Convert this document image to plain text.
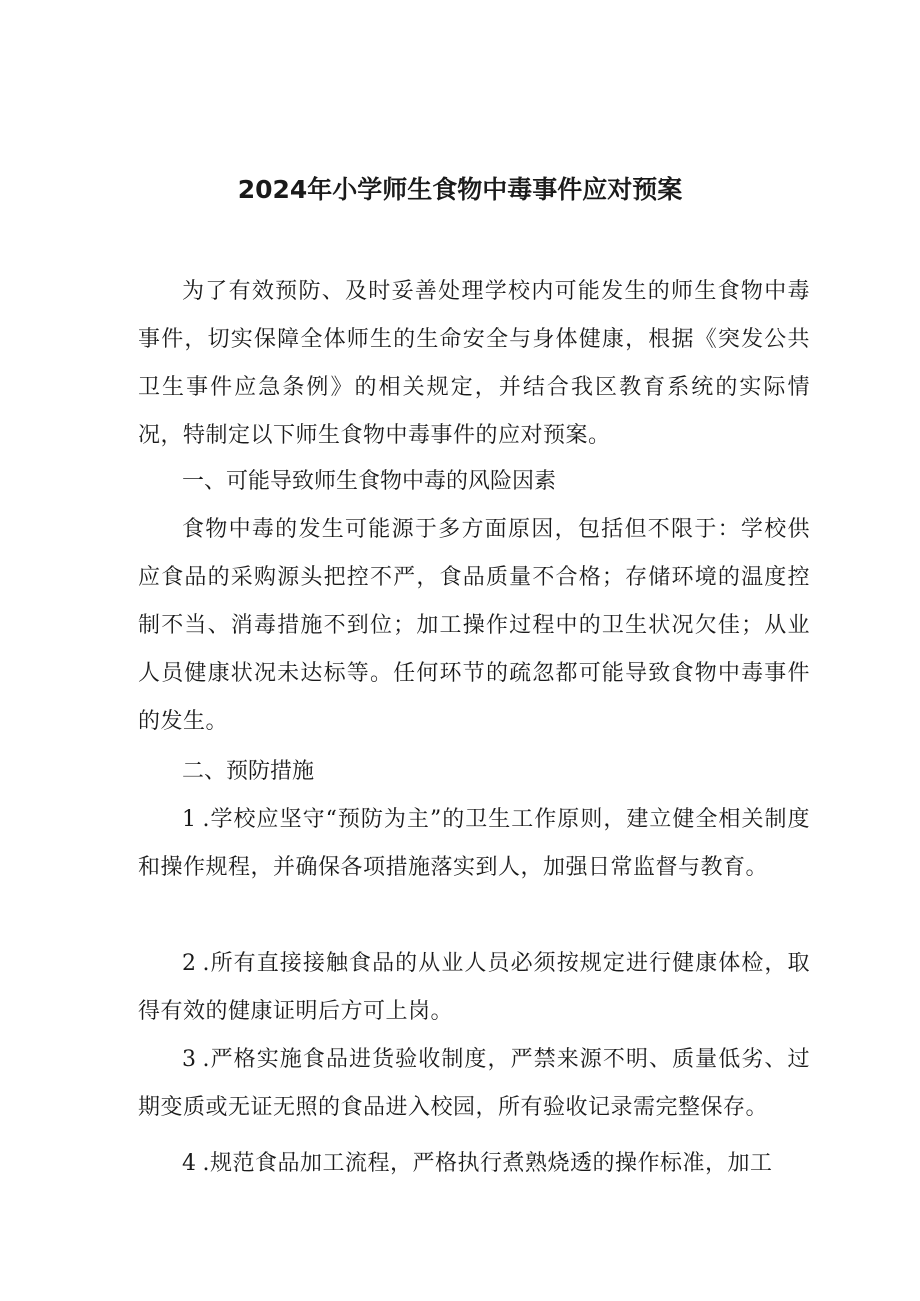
2024年小学师生食物中毒事件应对预案

为了有效预防、及时妥善处理学校内可能发生的师生食物中毒事件，切实保障全体师生的生命安全与身体健康，根据《突发公共卫生事件应急条例》的相关规定，并结合我区教育系统的实际情况，特制定以下师生食物中毒事件的应对预案。

一、可能导致师生食物中毒的风险因素

食物中毒的发生可能源于多方面原因，包括但不限于：学校供应食品的采购源头把控不严，食品质量不合格；存储环境的温度控制不当、消毒措施不到位；加工操作过程中的卫生状况欠佳；从业人员健康状况未达标等。任何环节的疏忽都可能导致食物中毒事件的发生。

二、预防措施

1 .学校应坚守“预防为主”的卫生工作原则，建立健全相关制度和操作规程，并确保各项措施落实到人，加强日常监督与教育。

2 .所有直接接触食品的从业人员必须按规定进行健康体检，取得有效的健康证明后方可上岗。

3 .严格实施食品进货验收制度，严禁来源不明、质量低劣、过期变质或无证无照的食品进入校园，所有验收记录需完整保存。

4 .规范食品加工流程，严格执行煮熟烧透的操作标准，加工
